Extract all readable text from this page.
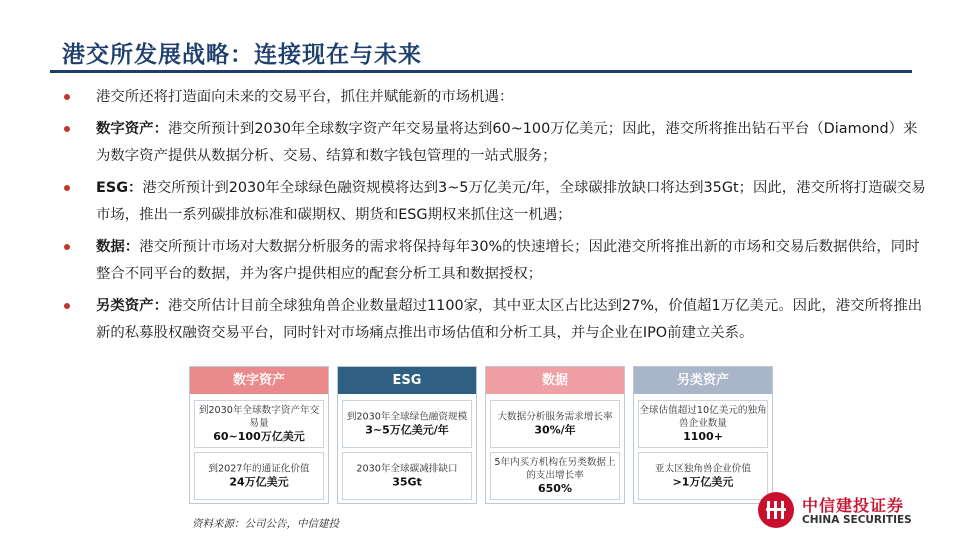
港交所发展战略：连接现在与未来
港交所还将打造面向未来的交易平台，抓住并赋能新的市场机遇：
数字资产：港交所预计到2030年全球数字资产年交易量将达到60~100万亿美元；因此，港交所将推出钻石平台（Diamond）来为数字资产提供从数据分析、交易、结算和数字钱包管理的一站式服务；
ESG：港交所预计到2030年全球绿色融资规模将达到3~5万亿美元/年，全球碳排放缺口将达到35Gt；因此，港交所将打造碳交易市场，推出一系列碳排放标准和碳期权、期货和ESG期权来抓住这一机遇；
数据：港交所预计市场对大数据分析服务的需求将保持每年30%的快速增长；因此港交所将推出新的市场和交易后数据供给，同时整合不同平台的数据，并为客户提供相应的配套分析工具和数据授权；
另类资产：港交所估计目前全球独角兽企业数量超过1100家，其中亚太区占比达到27%，价值超1万亿美元。因此，港交所将推出新的私募股权融资交易平台，同时针对市场痛点推出市场估值和分析工具，并与企业在IPO前建立关系。
数字资产
到2030年全球数字资产年交易量
60~100万亿美元
到2027年的通证化价值
24万亿美元
ESG
到2030年全球绿色融资规模
3~5万亿美元/年
2030年全球碳减排缺口
35Gt
数据
大数据分析服务需求增长率
30%/年
5年内买方机构在另类数据上的支出增长率
650%
另类资产
全球估值超过10亿美元的独角兽企业数量
1100+
亚太区独角兽企业价值
>1万亿美元
资料来源：公司公告，中信建投
中信建投证券
CHINA SECURITIES
